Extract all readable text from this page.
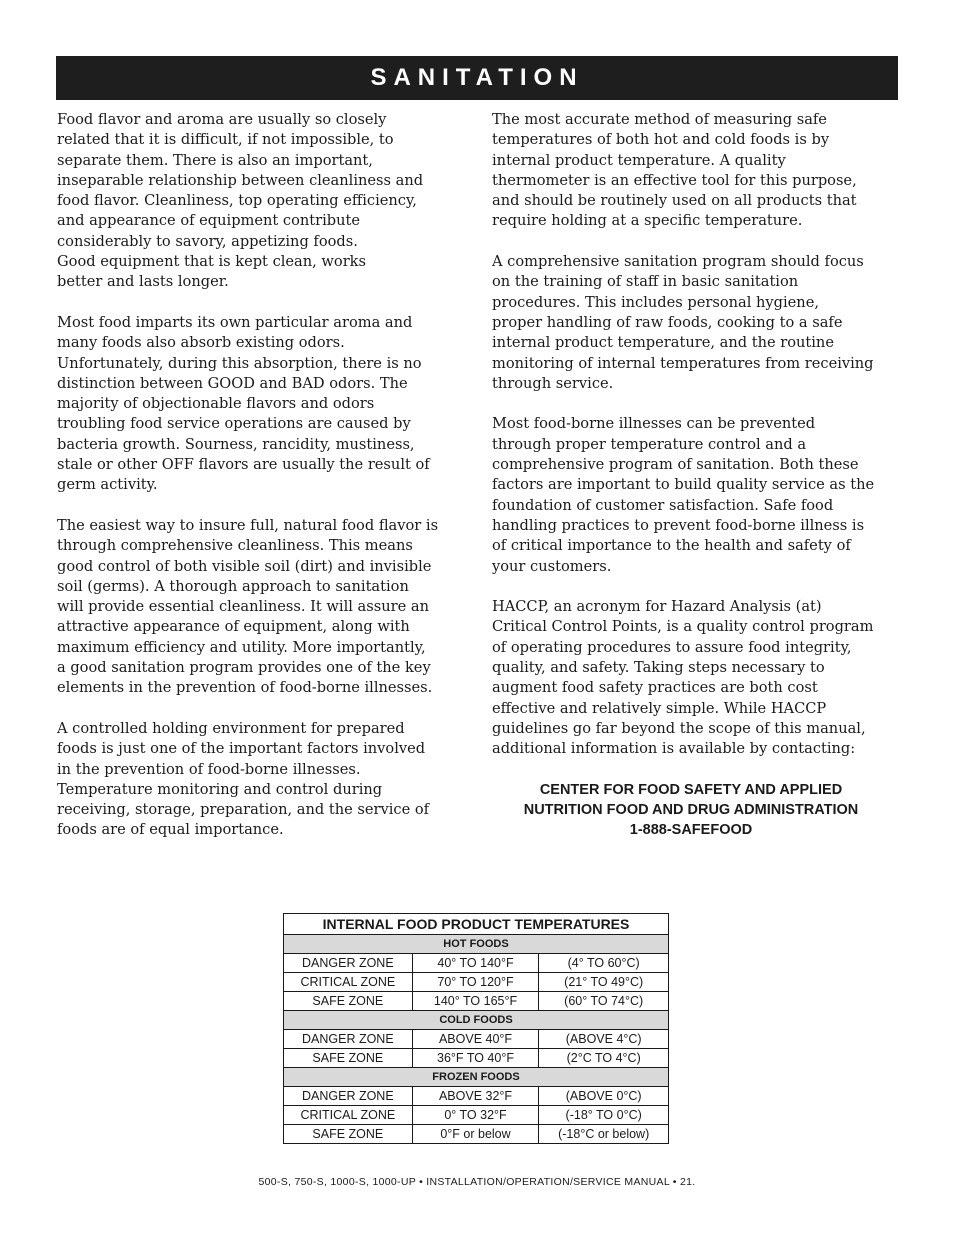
SANITATION

Food flavor and aroma are usually so closely
related that it is difficult, if not impossible, to
separate them. There is also an important,
inseparable relationship between cleanliness and
food flavor. Cleanliness, top operating efficiency,
and appearance of equipment contribute
considerably to savory, appetizing foods.
Good equipment that is kept clean, works
better and lasts longer.

Most food imparts its own particular aroma and
many foods also absorb existing odors.
Unfortunately, during this absorption, there is no
distinction between GOOD and BAD odors. The
majority of objectionable flavors and odors
troubling food service operations are caused by
bacteria growth. Sourness, rancidity, mustiness,
stale or other OFF flavors are usually the result of
germ activity.

The easiest way to insure full, natural food flavor is
through comprehensive cleanliness. This means
good control of both visible soil (dirt) and invisible
soil (germs). A thorough approach to sanitation
will provide essential cleanliness. It will assure an
attractive appearance of equipment, along with
maximum efficiency and utility. More importantly,
a good sanitation program provides one of the key
elements in the prevention of food-borne illnesses.

A controlled holding environment for prepared
foods is just one of the important factors involved
in the prevention of food-borne illnesses.
Temperature monitoring and control during
receiving, storage, preparation, and the service of
foods are of equal importance.

The most accurate method of measuring safe
temperatures of both hot and cold foods is by
internal product temperature. A quality
thermometer is an effective tool for this purpose,
and should be routinely used on all products that
require holding at a specific temperature.

A comprehensive sanitation program should focus
on the training of staff in basic sanitation
procedures. This includes personal hygiene,
proper handling of raw foods, cooking to a safe
internal product temperature, and the routine
monitoring of internal temperatures from receiving
through service.

Most food-borne illnesses can be prevented
through proper temperature control and a
comprehensive program of sanitation. Both these
factors are important to build quality service as the
foundation of customer satisfaction. Safe food
handling practices to prevent food-borne illness is
of critical importance to the health and safety of
your customers.

HACCP, an acronym for Hazard Analysis (at)
Critical Control Points, is a quality control program
of operating procedures to assure food integrity,
quality, and safety. Taking steps necessary to
augment food safety practices are both cost
effective and relatively simple. While HACCP
guidelines go far beyond the scope of this manual,
additional information is available by contacting:

CENTER FOR FOOD SAFETY AND APPLIED
NUTRITION FOOD AND DRUG ADMINISTRATION
1-888-SAFEFOOD
INTERNAL FOOD PRODUCT TEMPERATURES		
HOT FOODS		
DANGER ZONE	40° TO 140°F	(4° TO 60°C)
CRITICAL ZONE	70° TO 120°F	(21° TO 49°C)
SAFE ZONE	140° TO 165°F	(60° TO 74°C)
COLD FOODS		
DANGER ZONE	ABOVE 40°F	(ABOVE 4°C)
SAFE ZONE	36°F TO 40°F	(2°C TO 4°C)
FROZEN FOODS		
DANGER ZONE	ABOVE 32°F	(ABOVE 0°C)
CRITICAL ZONE	0° TO 32°F	(-18° TO 0°C)
SAFE ZONE	0°F or below	(-18°C or below)
500-S, 750-S, 1000-S, 1000-UP • INSTALLATION/OPERATION/SERVICE MANUAL • 21.
